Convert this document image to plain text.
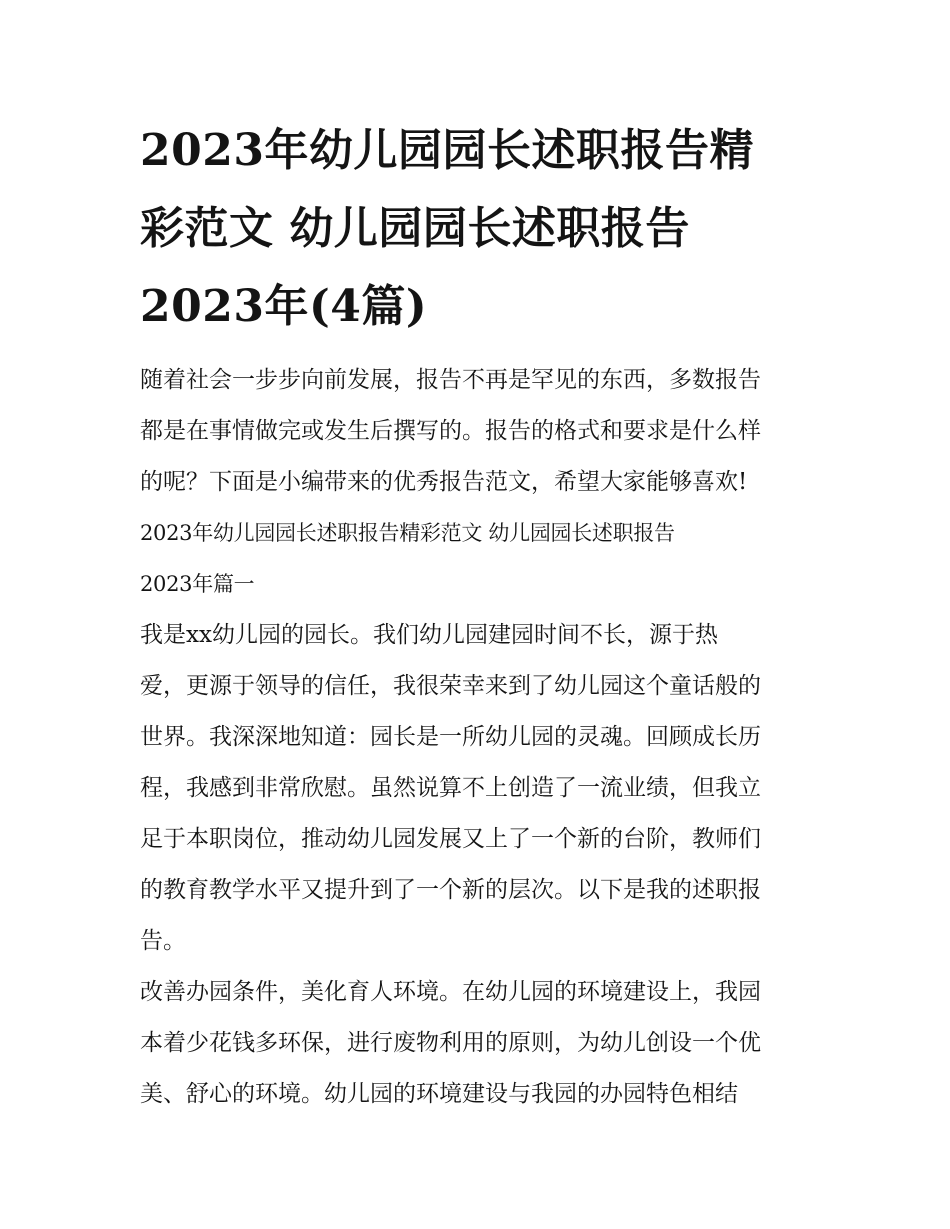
2023年幼儿园园长述职报告精
彩范文 幼儿园园长述职报告
2023年(4篇)
随着社会一步步向前发展，报告不再是罕见的东西，多数报告
都是在事情做完或发生后撰写的。报告的格式和要求是什么样
的呢？下面是小编带来的优秀报告范文，希望大家能够喜欢!
2023年幼儿园园长述职报告精彩范文 幼儿园园长述职报告
2023年篇一
我是xx幼儿园的园长。我们幼儿园建园时间不长，源于热
爱，更源于领导的信任，我很荣幸来到了幼儿园这个童话般的
世界。我深深地知道：园长是一所幼儿园的灵魂。回顾成长历
程，我感到非常欣慰。虽然说算不上创造了一流业绩，但我立
足于本职岗位，推动幼儿园发展又上了一个新的台阶，教师们
的教育教学水平又提升到了一个新的层次。以下是我的述职报
告。
改善办园条件，美化育人环境。在幼儿园的环境建设上，我园
本着少花钱多环保，进行废物利用的原则，为幼儿创设一个优
美、舒心的环境。幼儿园的环境建设与我园的办园特色相结
